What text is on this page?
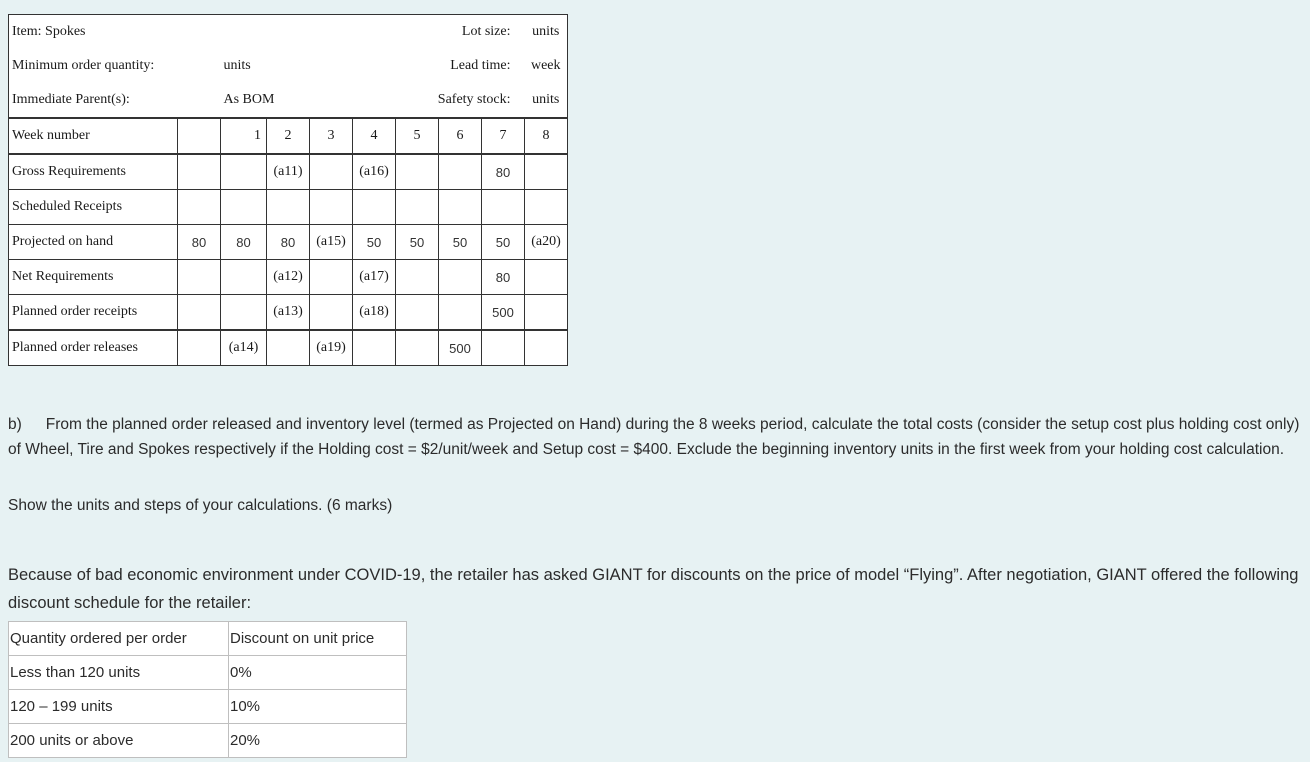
Item: Spokes							Lot size:		units
Minimum order quantity:		units					Lead time:		week
Immediate Parent(s):		As BOM				Safety stock:			units
Week number		1	2	3	4	5	6	7	8
Gross Requirements			(a11)		(a16)			80	
Scheduled Receipts									
Projected on hand	80	80	80	(a15)	50	50	50	50	(a20)
Net Requirements			(a12)		(a17)			80	
Planned order receipts			(a13)		(a18)			500	
Planned order releases		(a14)		(a19)			500		
b) From the planned order released and inventory level (termed as Projected on Hand) during the 8 weeks period, calculate the total costs (consider the setup cost plus holding cost only) of Wheel, Tire and Spokes respectively if the Holding cost = $2/unit/week and Setup cost = $400. Exclude the beginning inventory units in the first week from your holding cost calculation.
Show the units and steps of your calculations. (6 marks)
Because of bad economic environment under COVID-19, the retailer has asked GIANT for discounts on the price of model “Flying”. After negotiation, GIANT offered the following discount schedule for the retailer:
Quantity ordered per order	Discount on unit price
Less than 120 units	0%
120 – 199 units	10%
200 units or above	20%
